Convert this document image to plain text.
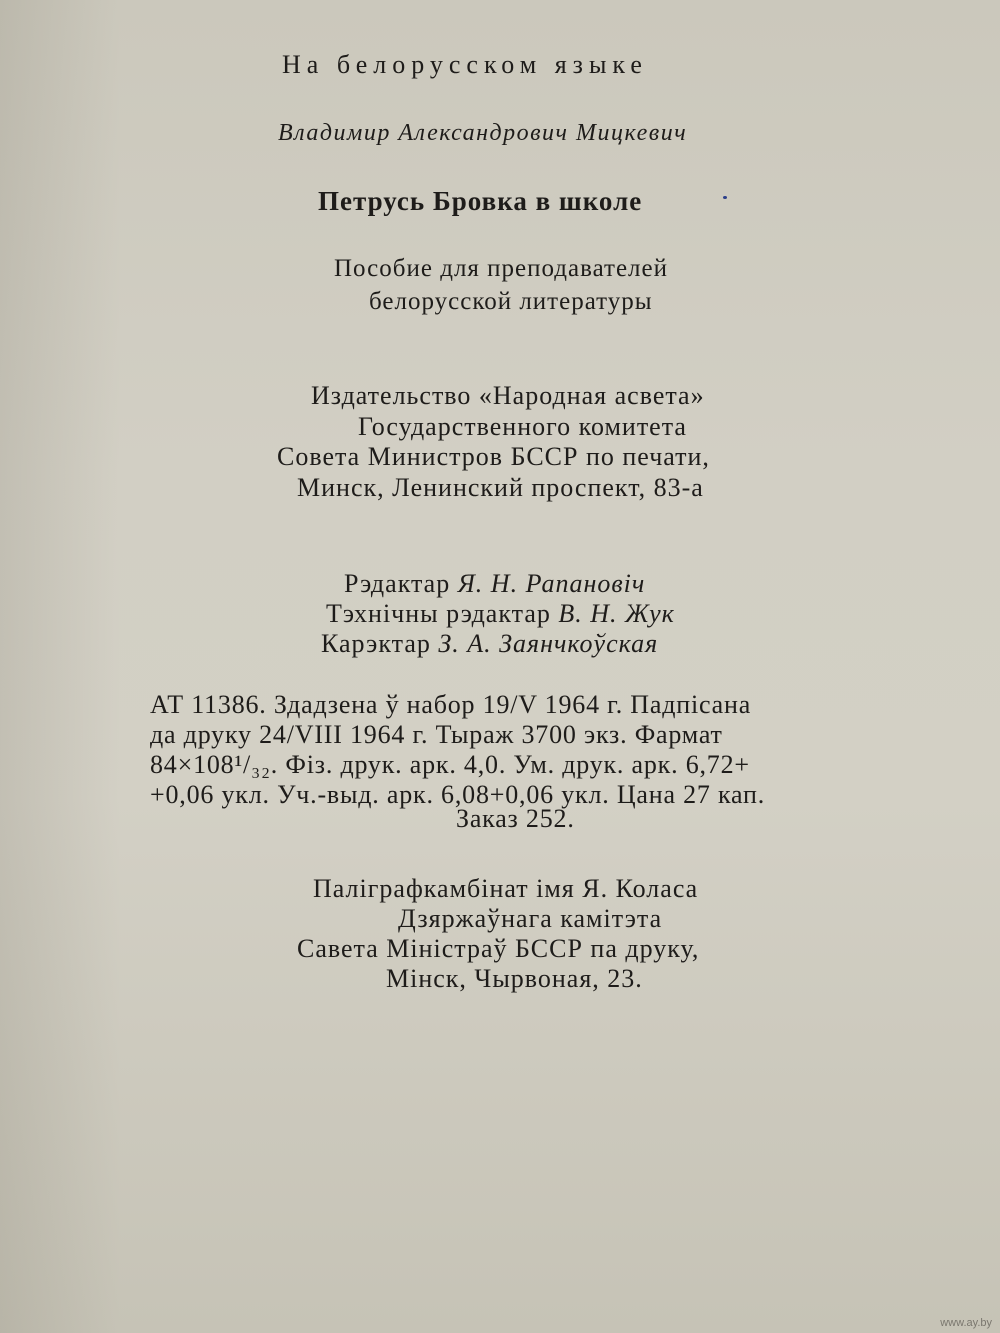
На белорусском языке
Владимир Александрович Мицкевич
Петрусь Бровка в школе
Пособие для преподавателей
белорусской литературы
Издательство «Народная асвета»
Государственного комитета
Совета Министров БССР по печати,
Минск, Ленинский проспект, 83-а
Рэдактар Я. Н. Рапановіч
Тэхнічны рэдактар В. Н. Жук
Карэктар З. А. Заянчкоўская
АТ 11386. Здадзена ў набор 19/V 1964 г. Падпісана
да друку 24/VIII 1964 г. Тыраж 3700 экз. Фармат
84×108¹/₃₂. Фіз. друк. арк. 4,0. Ум. друк. арк. 6,72+
+0,06 укл. Уч.-выд. арк. 6,08+0,06 укл. Цана 27 кап.
Заказ 252.
Паліграфкамбінат імя Я. Коласа
Дзяржаўнага камітэта
Савета Міністраў БССР па друку,
Мінск, Чырвоная, 23.
www.ay.by
